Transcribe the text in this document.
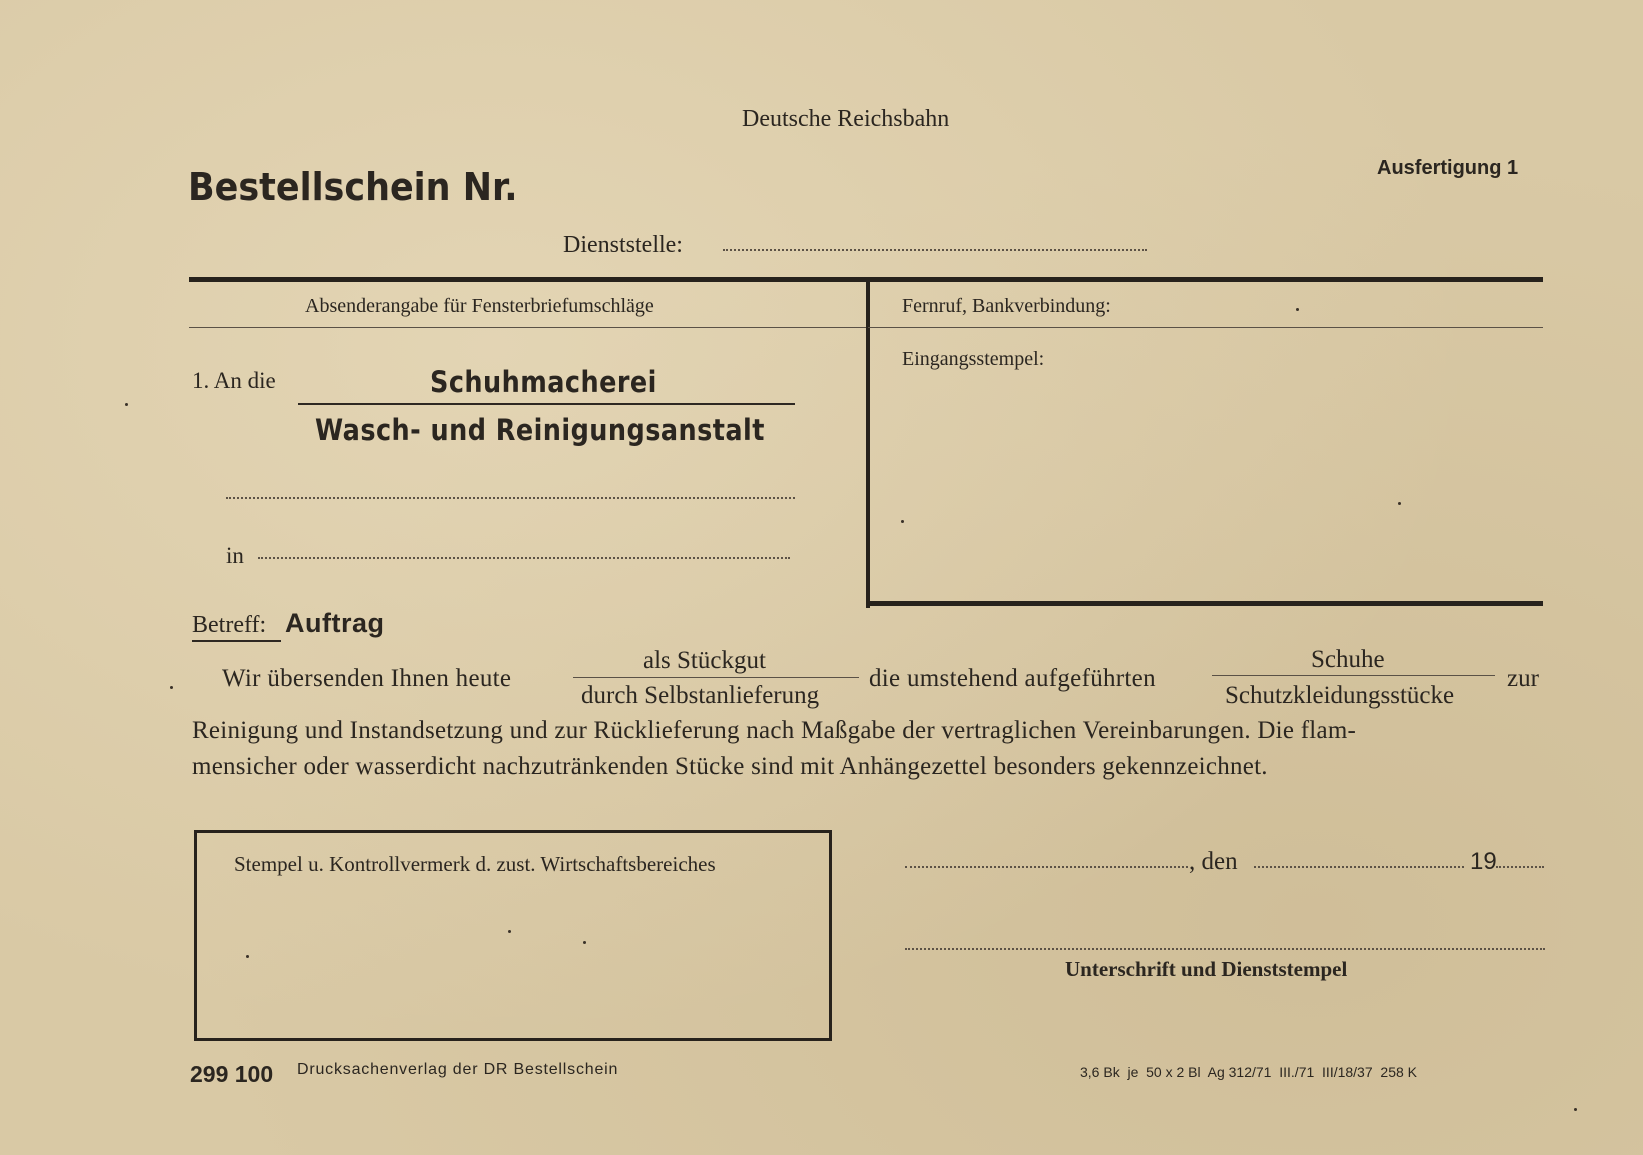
Deutsche Reichsbahn
Bestellschein Nr.	Ausfertigung 1
Dienststelle:
Absenderangabe für Fensterbriefumschläge
1. An die	Schuhmacherei
Wasch- und Reinigungsanstalt
in
Fernruf, Bankverbindung:
Eingangsstempel:
Betreff: Auftrag
Wir übersenden Ihnen heute
als Stückgut
durch Selbstanlieferung
die umstehend aufgeführten
Schuhe
Schutzkleidungsstücke
zur
Reinigung und Instandsetzung und zur Rücklieferung nach Maßgabe der vertraglichen Vereinbarungen. Die flam-
mensicher oder wasserdicht nachzutränkenden Stücke sind mit Anhängezettel besonders gekennzeichnet.
Stempel u. Kontrollvermerk d. zust. Wirtschaftsbereiches	, den	19
Unterschrift und Dienststempel
299 100 Drucksachenverlag der DR Bestellschein	3,6 Bk  je  50 x 2 Bl  Ag 312/71  III./71  III/18/37  258 K
